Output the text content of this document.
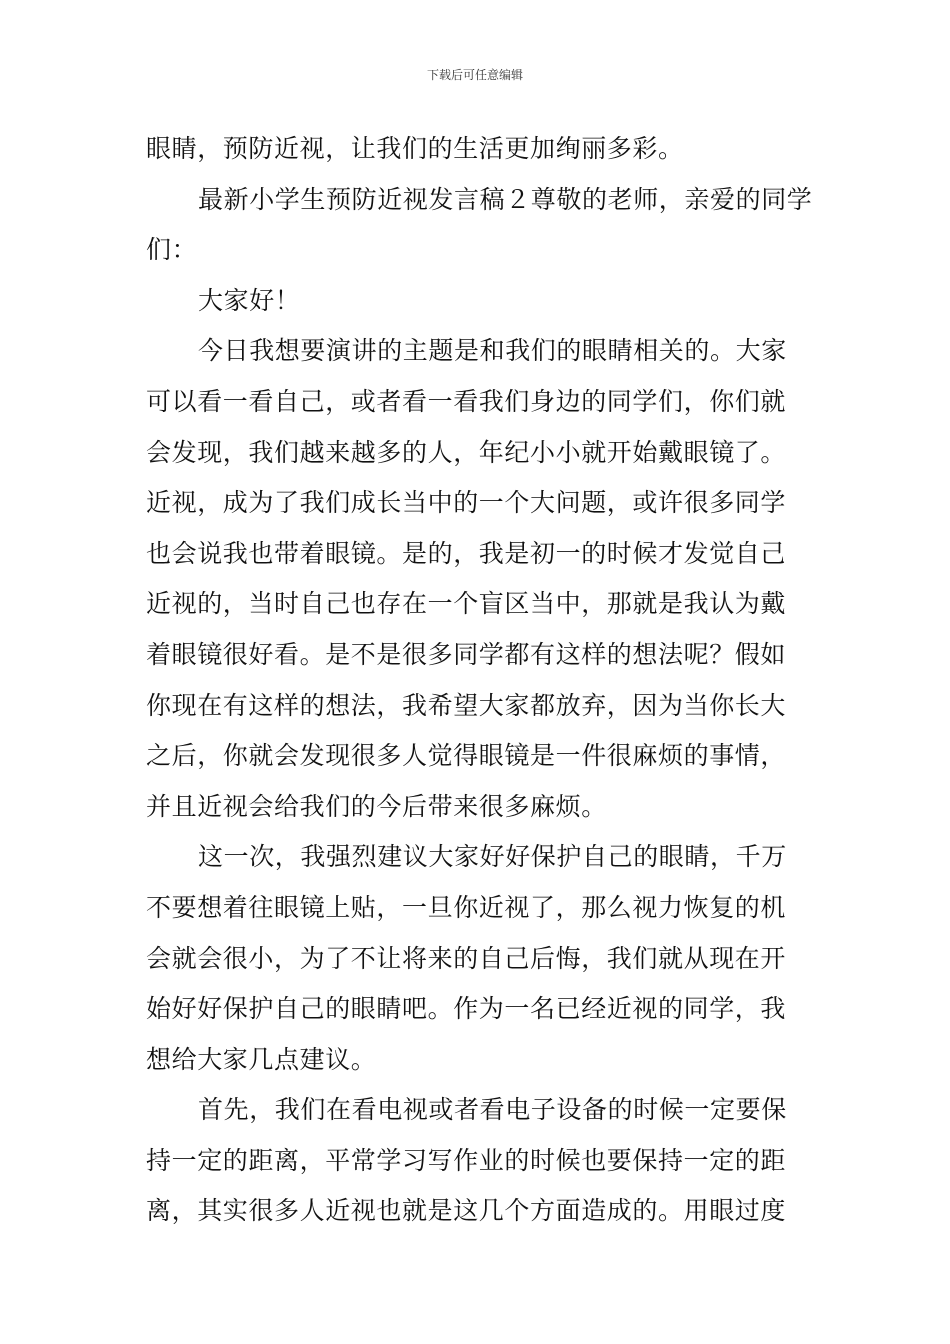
下载后可任意编辑
眼睛，预防近视，让我们的生活更加绚丽多彩。
最新小学生预防近视发言稿２尊敬的老师，亲爱的同学
们：
大家好！
今日我想要演讲的主题是和我们的眼睛相关的。大家
可以看一看自己，或者看一看我们身边的同学们，你们就
会发现，我们越来越多的人，年纪小小就开始戴眼镜了。
近视，成为了我们成长当中的一个大问题，或许很多同学
也会说我也带着眼镜。是的，我是初一的时候才发觉自己
近视的，当时自己也存在一个盲区当中，那就是我认为戴
着眼镜很好看。是不是很多同学都有这样的想法呢？假如
你现在有这样的想法，我希望大家都放弃，因为当你长大
之后，你就会发现很多人觉得眼镜是一件很麻烦的事情，
并且近视会给我们的今后带来很多麻烦。
这一次，我强烈建议大家好好保护自己的眼睛，千万
不要想着往眼镜上贴，一旦你近视了，那么视力恢复的机
会就会很小，为了不让将来的自己后悔，我们就从现在开
始好好保护自己的眼睛吧。作为一名已经近视的同学，我
想给大家几点建议。
首先，我们在看电视或者看电子设备的时候一定要保
持一定的距离，平常学习写作业的时候也要保持一定的距
离，其实很多人近视也就是这几个方面造成的。用眼过度
